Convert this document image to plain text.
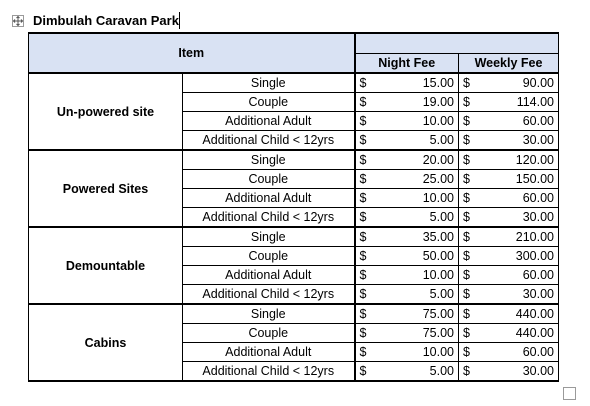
Dimbulah Caravan Park
Item			
		Night Fee	Weekly Fee
Un-powered site	Single	$ 15.00	$ 90.00

	Couple	$ 19.00	$ 114.00

	Additional Adult	$ 10.00	$ 60.00

	Additional Child < 12yrs	$ 5.00	$ 30.00

Powered Sites	Single	$ 20.00	$ 120.00

	Couple	$ 25.00	$ 150.00

	Additional Adult	$ 10.00	$ 60.00

	Additional Child < 12yrs	$ 5.00	$ 30.00

Demountable	Single	$ 35.00	$ 210.00

	Couple	$ 50.00	$ 300.00

	Additional Adult	$ 10.00	$ 60.00

	Additional Child < 12yrs	$ 5.00	$ 30.00

Cabins	Single	$ 75.00	$ 440.00

	Couple	$ 75.00	$ 440.00

	Additional Adult	$ 10.00	$ 60.00

	Additional Child < 12yrs	$ 5.00	$ 30.00
